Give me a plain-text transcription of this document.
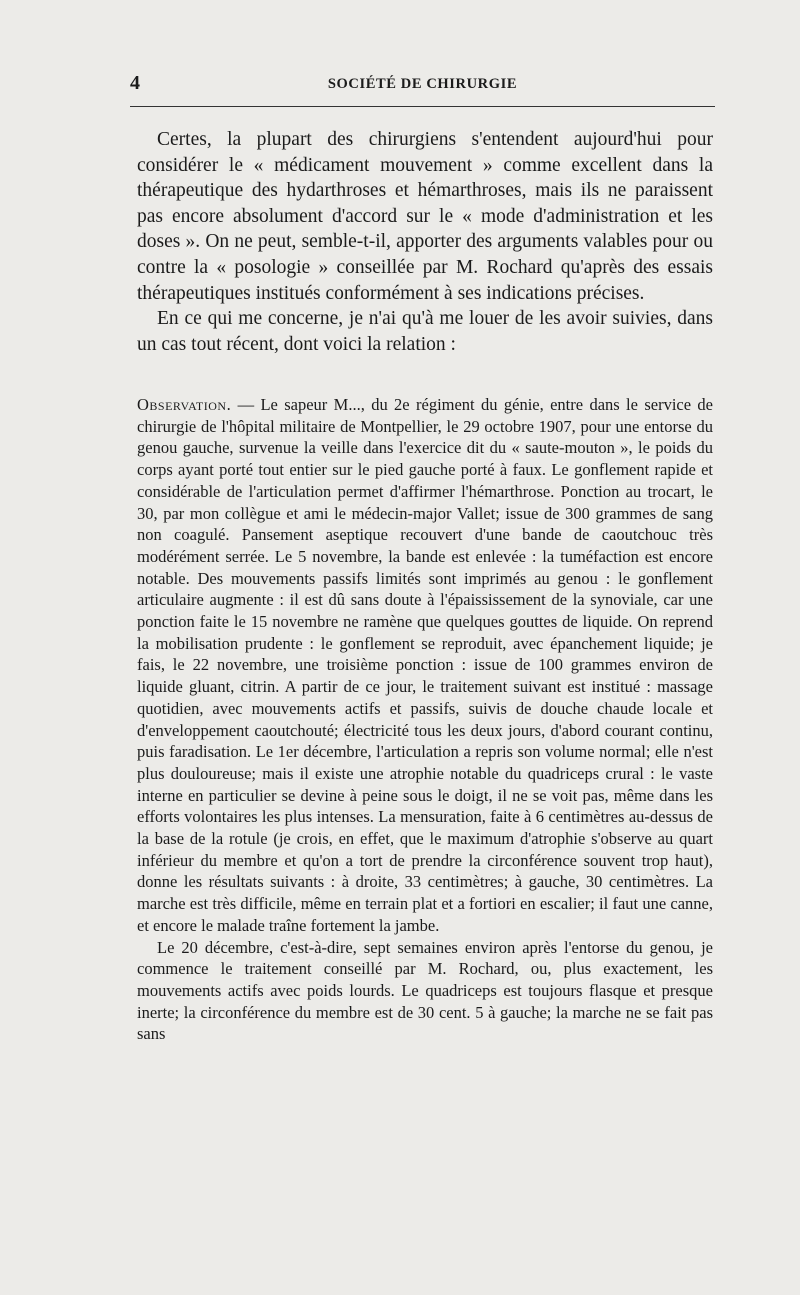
4	SOCIÉTÉ DE CHIRURGIE

Certes, la plupart des chirurgiens s'entendent aujourd'hui pour considérer le « médicament mouvement » comme excellent dans la thérapeutique des hydarthroses et hémarthroses, mais ils ne paraissent pas encore absolument d'accord sur le « mode d'administration et les doses ». On ne peut, semble-t-il, apporter des arguments valables pour ou contre la « posologie » conseillée par M. Rochard qu'après des essais thérapeutiques institués conformément à ses indications précises.

En ce qui me concerne, je n'ai qu'à me louer de les avoir suivies, dans un cas tout récent, dont voici la relation :

Observation. — Le sapeur M..., du 2e régiment du génie, entre dans le service de chirurgie de l'hôpital militaire de Montpellier, le 29 octobre 1907, pour une entorse du genou gauche, survenue la veille dans l'exercice dit du « saute-mouton », le poids du corps ayant porté tout entier sur le pied gauche porté à faux. Le gonflement rapide et considérable de l'articulation permet d'affirmer l'hémarthrose. Ponction au trocart, le 30, par mon collègue et ami le médecin-major Vallet; issue de 300 grammes de sang non coagulé. Pansement aseptique recouvert d'une bande de caoutchouc très modérément serrée. Le 5 novembre, la bande est enlevée : la tuméfaction est encore notable. Des mouvements passifs limités sont imprimés au genou : le gonflement articulaire augmente : il est dû sans doute à l'épaississement de la synoviale, car une ponction faite le 15 novembre ne ramène que quelques gouttes de liquide. On reprend la mobilisation prudente : le gonflement se reproduit, avec épanchement liquide; je fais, le 22 novembre, une troisième ponction : issue de 100 grammes environ de liquide gluant, citrin. A partir de ce jour, le traitement suivant est institué : massage quotidien, avec mouvements actifs et passifs, suivis de douche chaude locale et d'enveloppement caoutchouté; électricité tous les deux jours, d'abord courant continu, puis faradisation. Le 1er décembre, l'articulation a repris son volume normal; elle n'est plus douloureuse; mais il existe une atrophie notable du quadriceps crural : le vaste interne en particulier se devine à peine sous le doigt, il ne se voit pas, même dans les efforts volontaires les plus intenses. La mensuration, faite à 6 centimètres au-dessus de la base de la rotule (je crois, en effet, que le maximum d'atrophie s'observe au quart inférieur du membre et qu'on a tort de prendre la circonférence souvent trop haut), donne les résultats suivants : à droite, 33 centimètres; à gauche, 30 centimètres. La marche est très difficile, même en terrain plat et a fortiori en escalier; il faut une canne, et encore le malade traîne fortement la jambe.

Le 20 décembre, c'est-à-dire, sept semaines environ après l'entorse du genou, je commence le traitement conseillé par M. Rochard, ou, plus exactement, les mouvements actifs avec poids lourds. Le quadriceps est toujours flasque et presque inerte; la circonférence du membre est de 30 cent. 5 à gauche; la marche ne se fait pas sans
